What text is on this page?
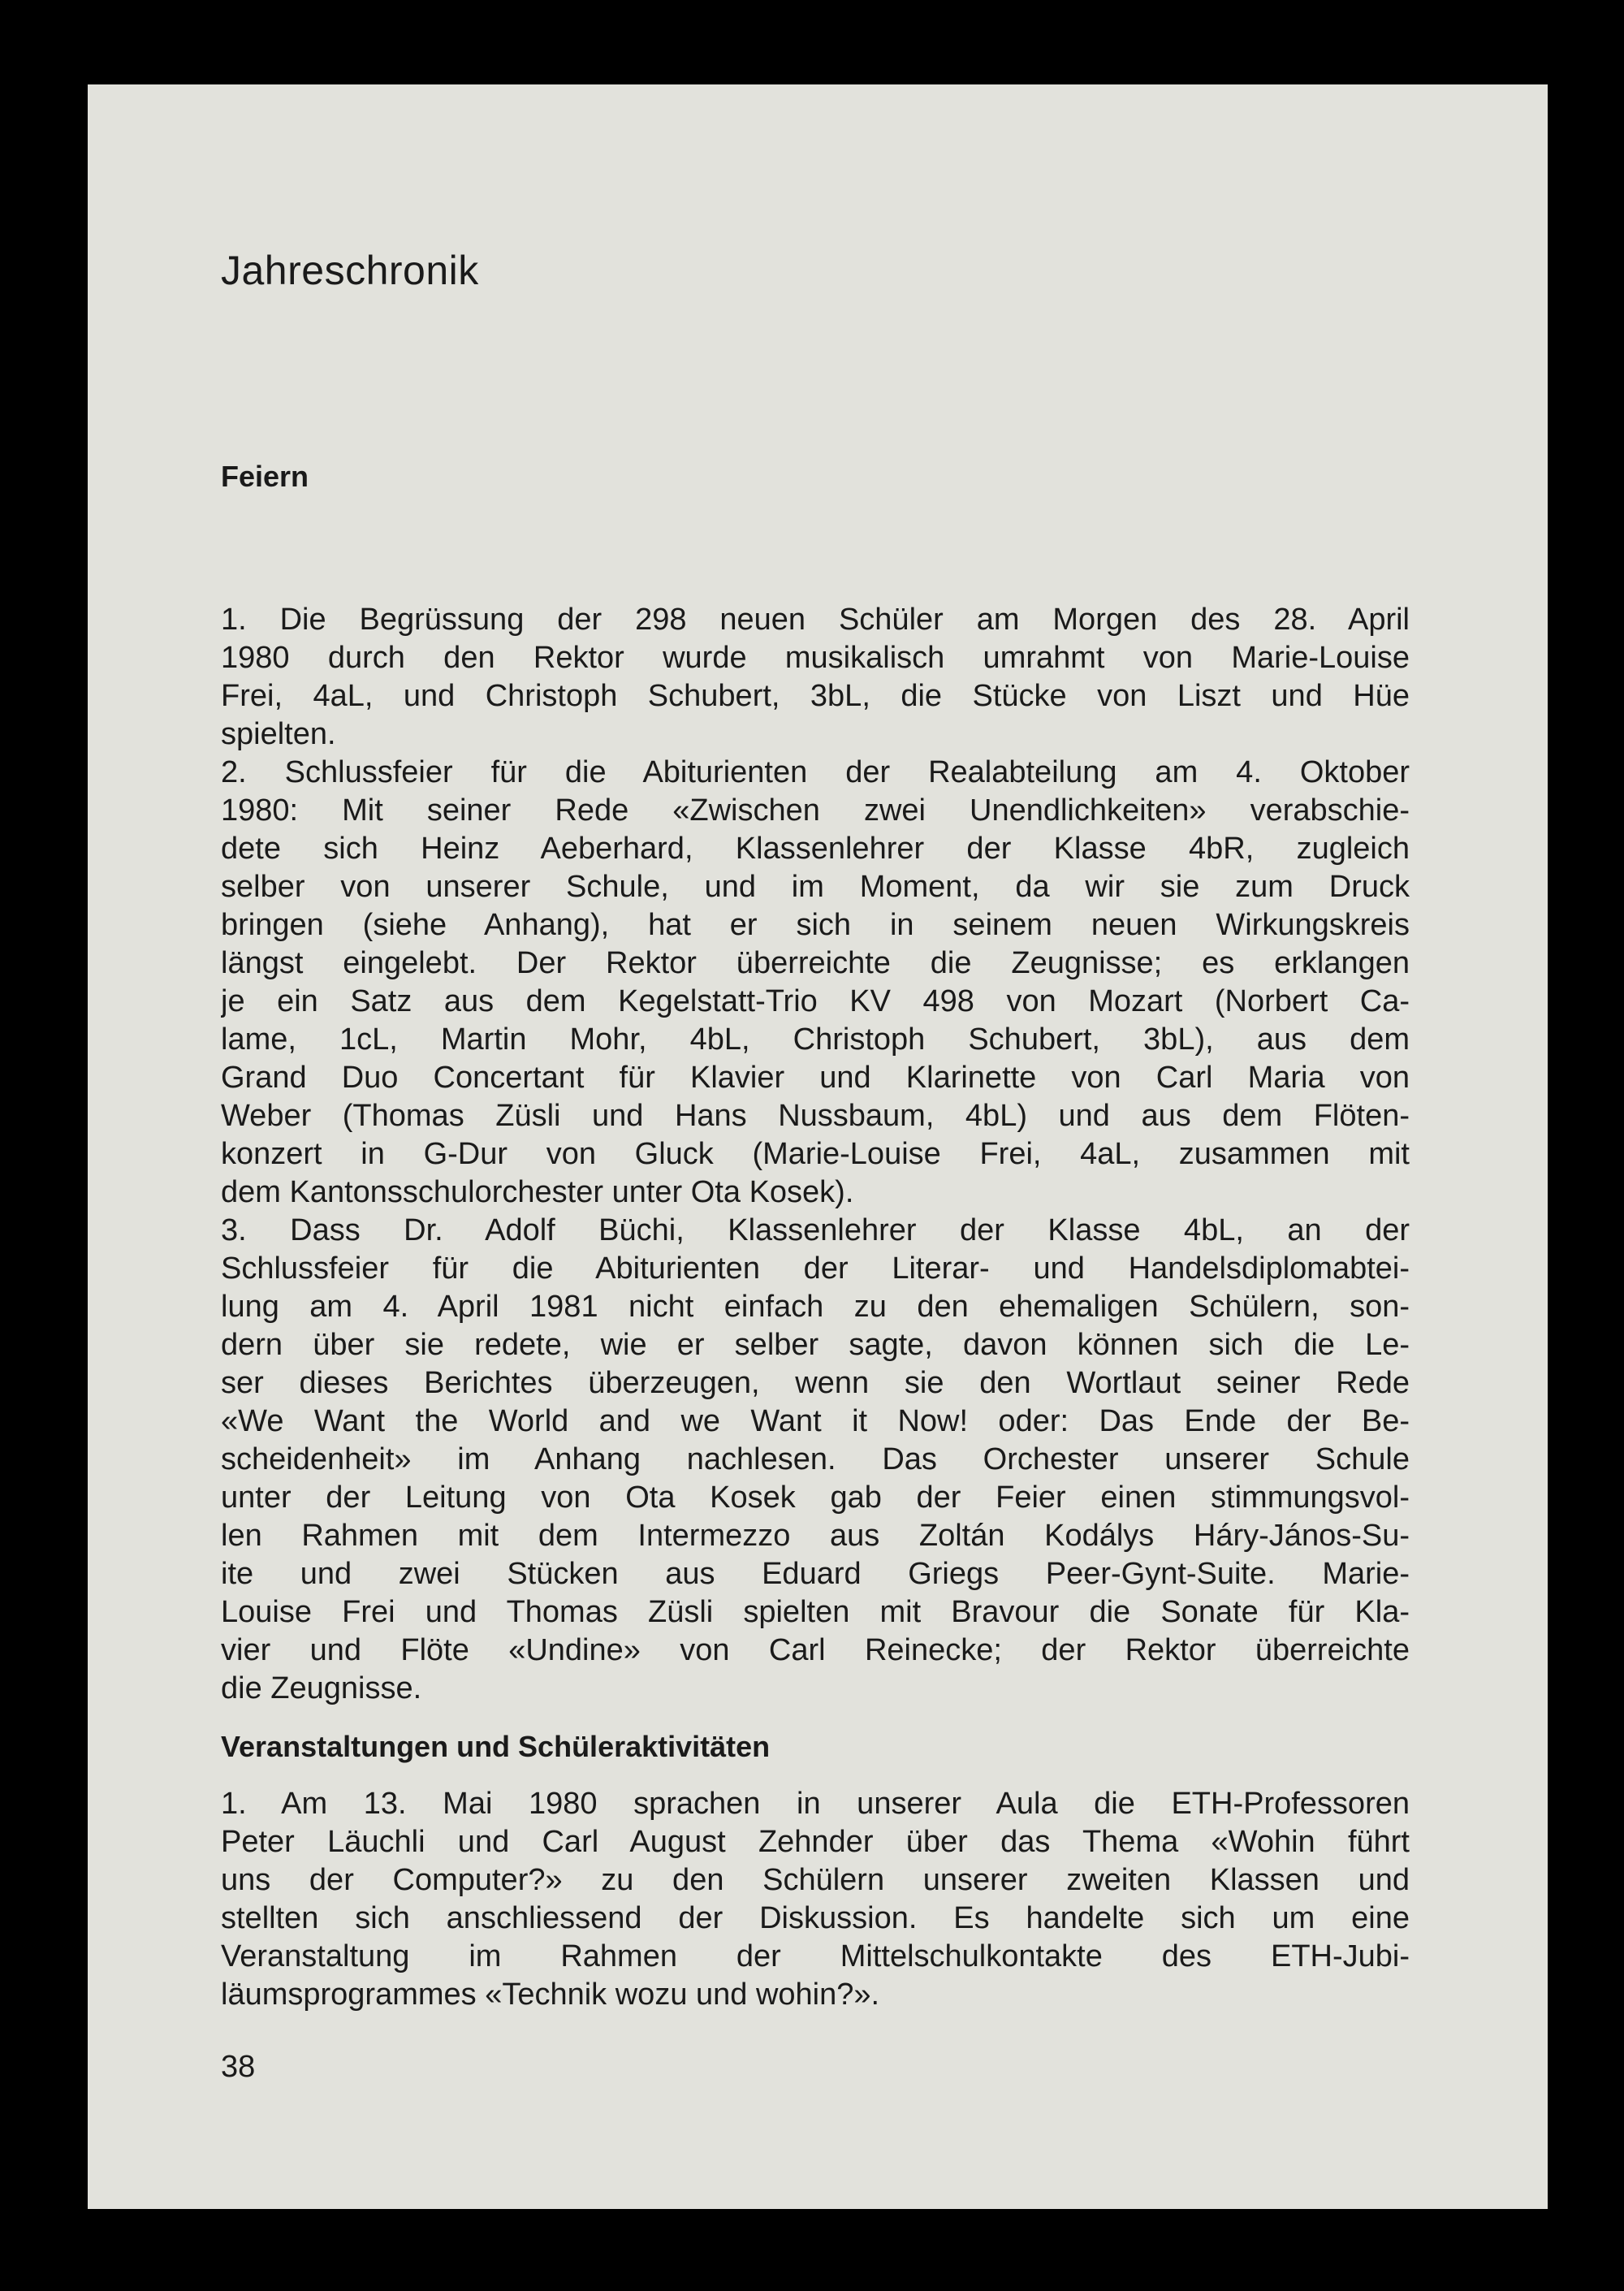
Jahreschronik
Feiern

1. Die Begrüssung der 298 neuen Schüler am Morgen des 28. April
1980 durch den Rektor wurde musikalisch umrahmt von Marie-Louise
Frei, 4aL, und Christoph Schubert, 3bL, die Stücke von Liszt und Hüe
spielten.

2. Schlussfeier für die Abiturienten der Realabteilung am 4. Oktober
1980: Mit seiner Rede «Zwischen zwei Unendlichkeiten» verabschie-
dete sich Heinz Aeberhard, Klassenlehrer der Klasse 4bR, zugleich
selber von unserer Schule, und im Moment, da wir sie zum Druck
bringen (siehe Anhang), hat er sich in seinem neuen Wirkungskreis
längst eingelebt. Der Rektor überreichte die Zeugnisse; es erklangen
je ein Satz aus dem Kegelstatt-Trio KV 498 von Mozart (Norbert Ca-
lame, 1cL, Martin Mohr, 4bL, Christoph Schubert, 3bL), aus dem
Grand Duo Concertant für Klavier und Klarinette von Carl Maria von
Weber (Thomas Züsli und Hans Nussbaum, 4bL) und aus dem Flöten-
konzert in G-Dur von Gluck (Marie-Louise Frei, 4aL, zusammen mit
dem Kantonsschulorchester unter Ota Kosek).

3. Dass Dr. Adolf Büchi, Klassenlehrer der Klasse 4bL, an der
Schlussfeier für die Abiturienten der Literar- und Handelsdiplomabtei-
lung am 4. April 1981 nicht einfach zu den ehemaligen Schülern, son-
dern über sie redete, wie er selber sagte, davon können sich die Le-
ser dieses Berichtes überzeugen, wenn sie den Wortlaut seiner Rede
«We Want the World and we Want it Now! oder: Das Ende der Be-
scheidenheit» im Anhang nachlesen. Das Orchester unserer Schule
unter der Leitung von Ota Kosek gab der Feier einen stimmungsvol-
len Rahmen mit dem Intermezzo aus Zoltán Kodálys Háry-János-Su-
ite und zwei Stücken aus Eduard Griegs Peer-Gynt-Suite. Marie-
Louise Frei und Thomas Züsli spielten mit Bravour die Sonate für Kla-
vier und Flöte «Undine» von Carl Reinecke; der Rektor überreichte
die Zeugnisse.

Veranstaltungen und Schüleraktivitäten

1. Am 13. Mai 1980 sprachen in unserer Aula die ETH-Professoren
Peter Läuchli und Carl August Zehnder über das Thema «Wohin führt
uns der Computer?» zu den Schülern unserer zweiten Klassen und
stellten sich anschliessend der Diskussion. Es handelte sich um eine
Veranstaltung im Rahmen der Mittelschulkontakte des ETH-Jubi-
läumsprogrammes «Technik wozu und wohin?».

38
